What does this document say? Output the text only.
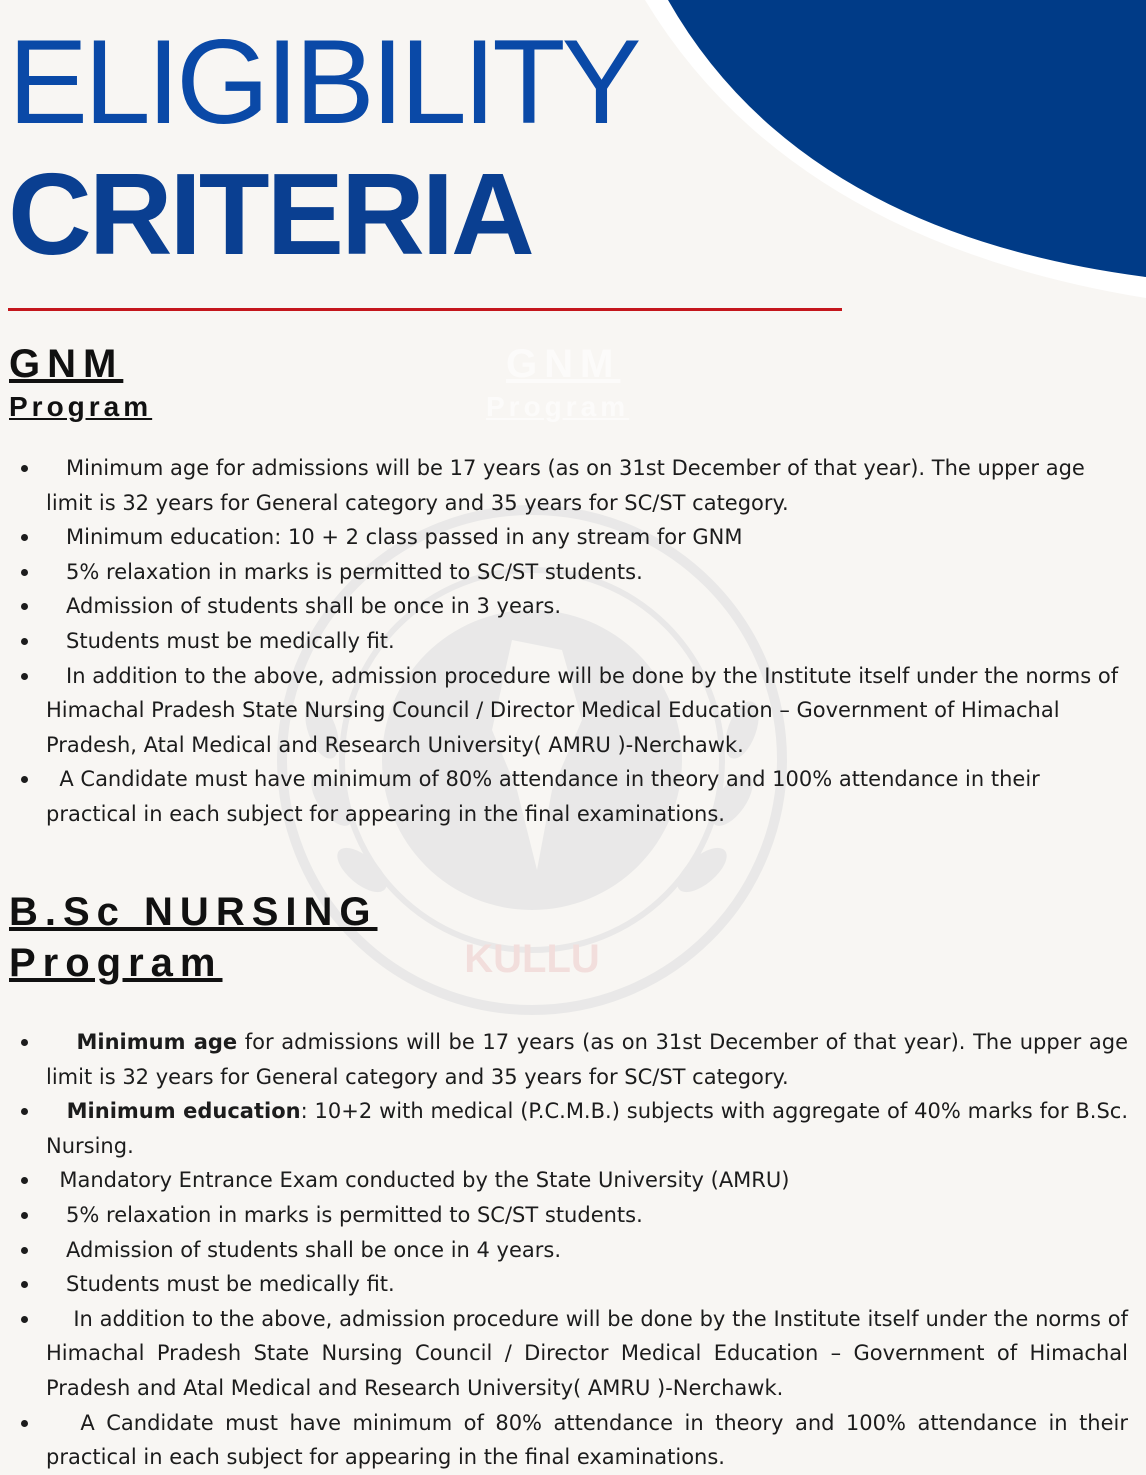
KULLU
ELIGIBILITY
CRITERIA
GNM
Program
GNM
Program
Minimum age for admissions will be 17 years (as on 31st December of that year). The upper age limit is 32 years for General category and 35 years for SC/ST category.
Minimum education: 10 + 2 class passed in any stream for GNM
5% relaxation in marks is permitted to SC/ST students.
Admission of students shall be once in 3 years.
Students must be medically fit.
In addition to the above, admission procedure will be done by the Institute itself under the norms of Himachal Pradesh State Nursing Council / Director Medical Education – Government of Himachal Pradesh, Atal Medical and Research University( AMRU )-Nerchawk.
A Candidate must have minimum of 80% attendance in theory and 100% attendance in their practical in each subject for appearing in the final examinations.
B.Sc NURSING
Program
Minimum age for admissions will be 17 years (as on 31st December of that year). The upper age limit is 32 years for General category and 35 years for SC/ST category.
Minimum education: 10+2 with medical (P.C.M.B.) subjects with aggregate of 40% marks for B.Sc. Nursing.
Mandatory Entrance Exam conducted by the State University (AMRU)
5% relaxation in marks is permitted to SC/ST students.
Admission of students shall be once in 4 years.
Students must be medically fit.
In addition to the above, admission procedure will be done by the Institute itself under the norms of Himachal Pradesh State Nursing Council / Director Medical Education – Government of Himachal Pradesh and Atal Medical and Research University( AMRU )-Nerchawk.
A Candidate must have minimum of 80% attendance in theory and 100% attendance in their practical in each subject for appearing in the final examinations.
